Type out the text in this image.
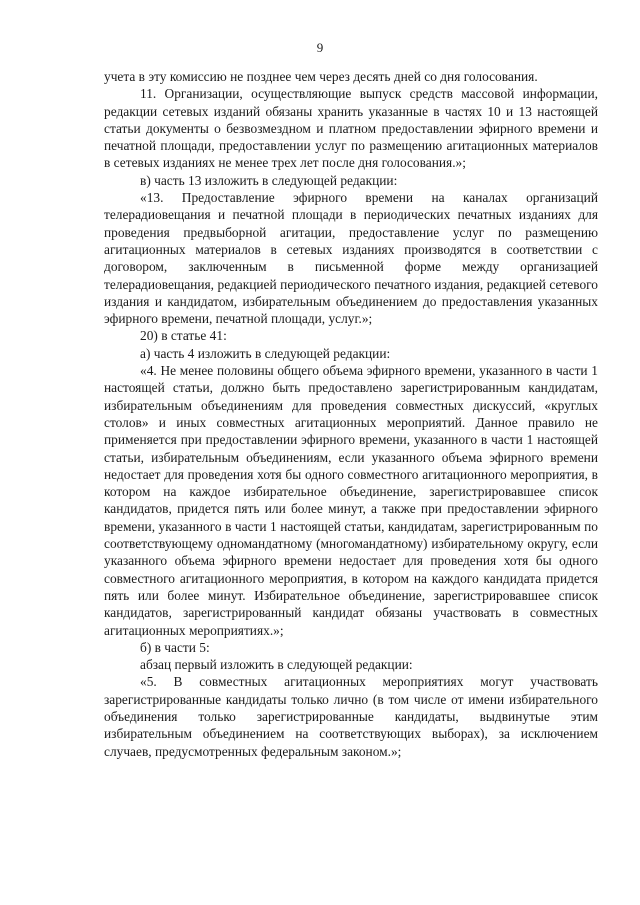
9

учета в эту комиссию не позднее чем через десять дней со дня голосования.

11. Организации, осуществляющие выпуск средств массовой информации, редакции сетевых изданий обязаны хранить указанные в частях 10 и 13 настоящей статьи документы о безвозмездном и платном предоставлении эфирного времени и печатной площади, предоставлении услуг по размещению агитационных материалов в сетевых изданиях не менее трех лет после дня голосования.»;

в) часть 13 изложить в следующей редакции:

«13. Предоставление эфирного времени на каналах организаций телерадиовещания и печатной площади в периодических печатных изданиях для проведения предвыборной агитации, предоставление услуг по размещению агитационных материалов в сетевых изданиях производятся в соответствии с договором, заключенным в письменной форме между организацией телерадиовещания, редакцией периодического печатного издания, редакцией сетевого издания и кандидатом, избирательным объединением до предоставления указанных эфирного времени, печатной площади, услуг.»;

20) в статье 41:

а) часть 4 изложить в следующей редакции:

«4. Не менее половины общего объема эфирного времени, указанного в части 1 настоящей статьи, должно быть предоставлено зарегистрированным кандидатам, избирательным объединениям для проведения совместных дискуссий, «круглых столов» и иных совместных агитационных мероприятий. Данное правило не применяется при предоставлении эфирного времени, указанного в части 1 настоящей статьи, избирательным объединениям, если указанного объема эфирного времени недостает для проведения хотя бы одного совместного агитационного мероприятия, в котором на каждое избирательное объединение, зарегистрировавшее список кандидатов, придется пять или более минут, а также при предоставлении эфирного времени, указанного в части 1 настоящей статьи, кандидатам, зарегистрированным по соответствующему одномандатному (многомандатному) избирательному округу, если указанного объема эфирного времени недостает для проведения хотя бы одного совместного агитационного мероприятия, в котором на каждого кандидата придется пять или более минут. Избирательное объединение, зарегистрировавшее список кандидатов, зарегистрированный кандидат обязаны участвовать в совместных агитационных мероприятиях.»;

б) в части 5:

абзац первый изложить в следующей редакции:

«5. В совместных агитационных мероприятиях могут участвовать зарегистрированные кандидаты только лично (в том числе от имени избирательного объединения только зарегистрированные кандидаты, выдвинутые этим избирательным объединением на соответствующих выборах), за исключением случаев, предусмотренных федеральным законом.»;
